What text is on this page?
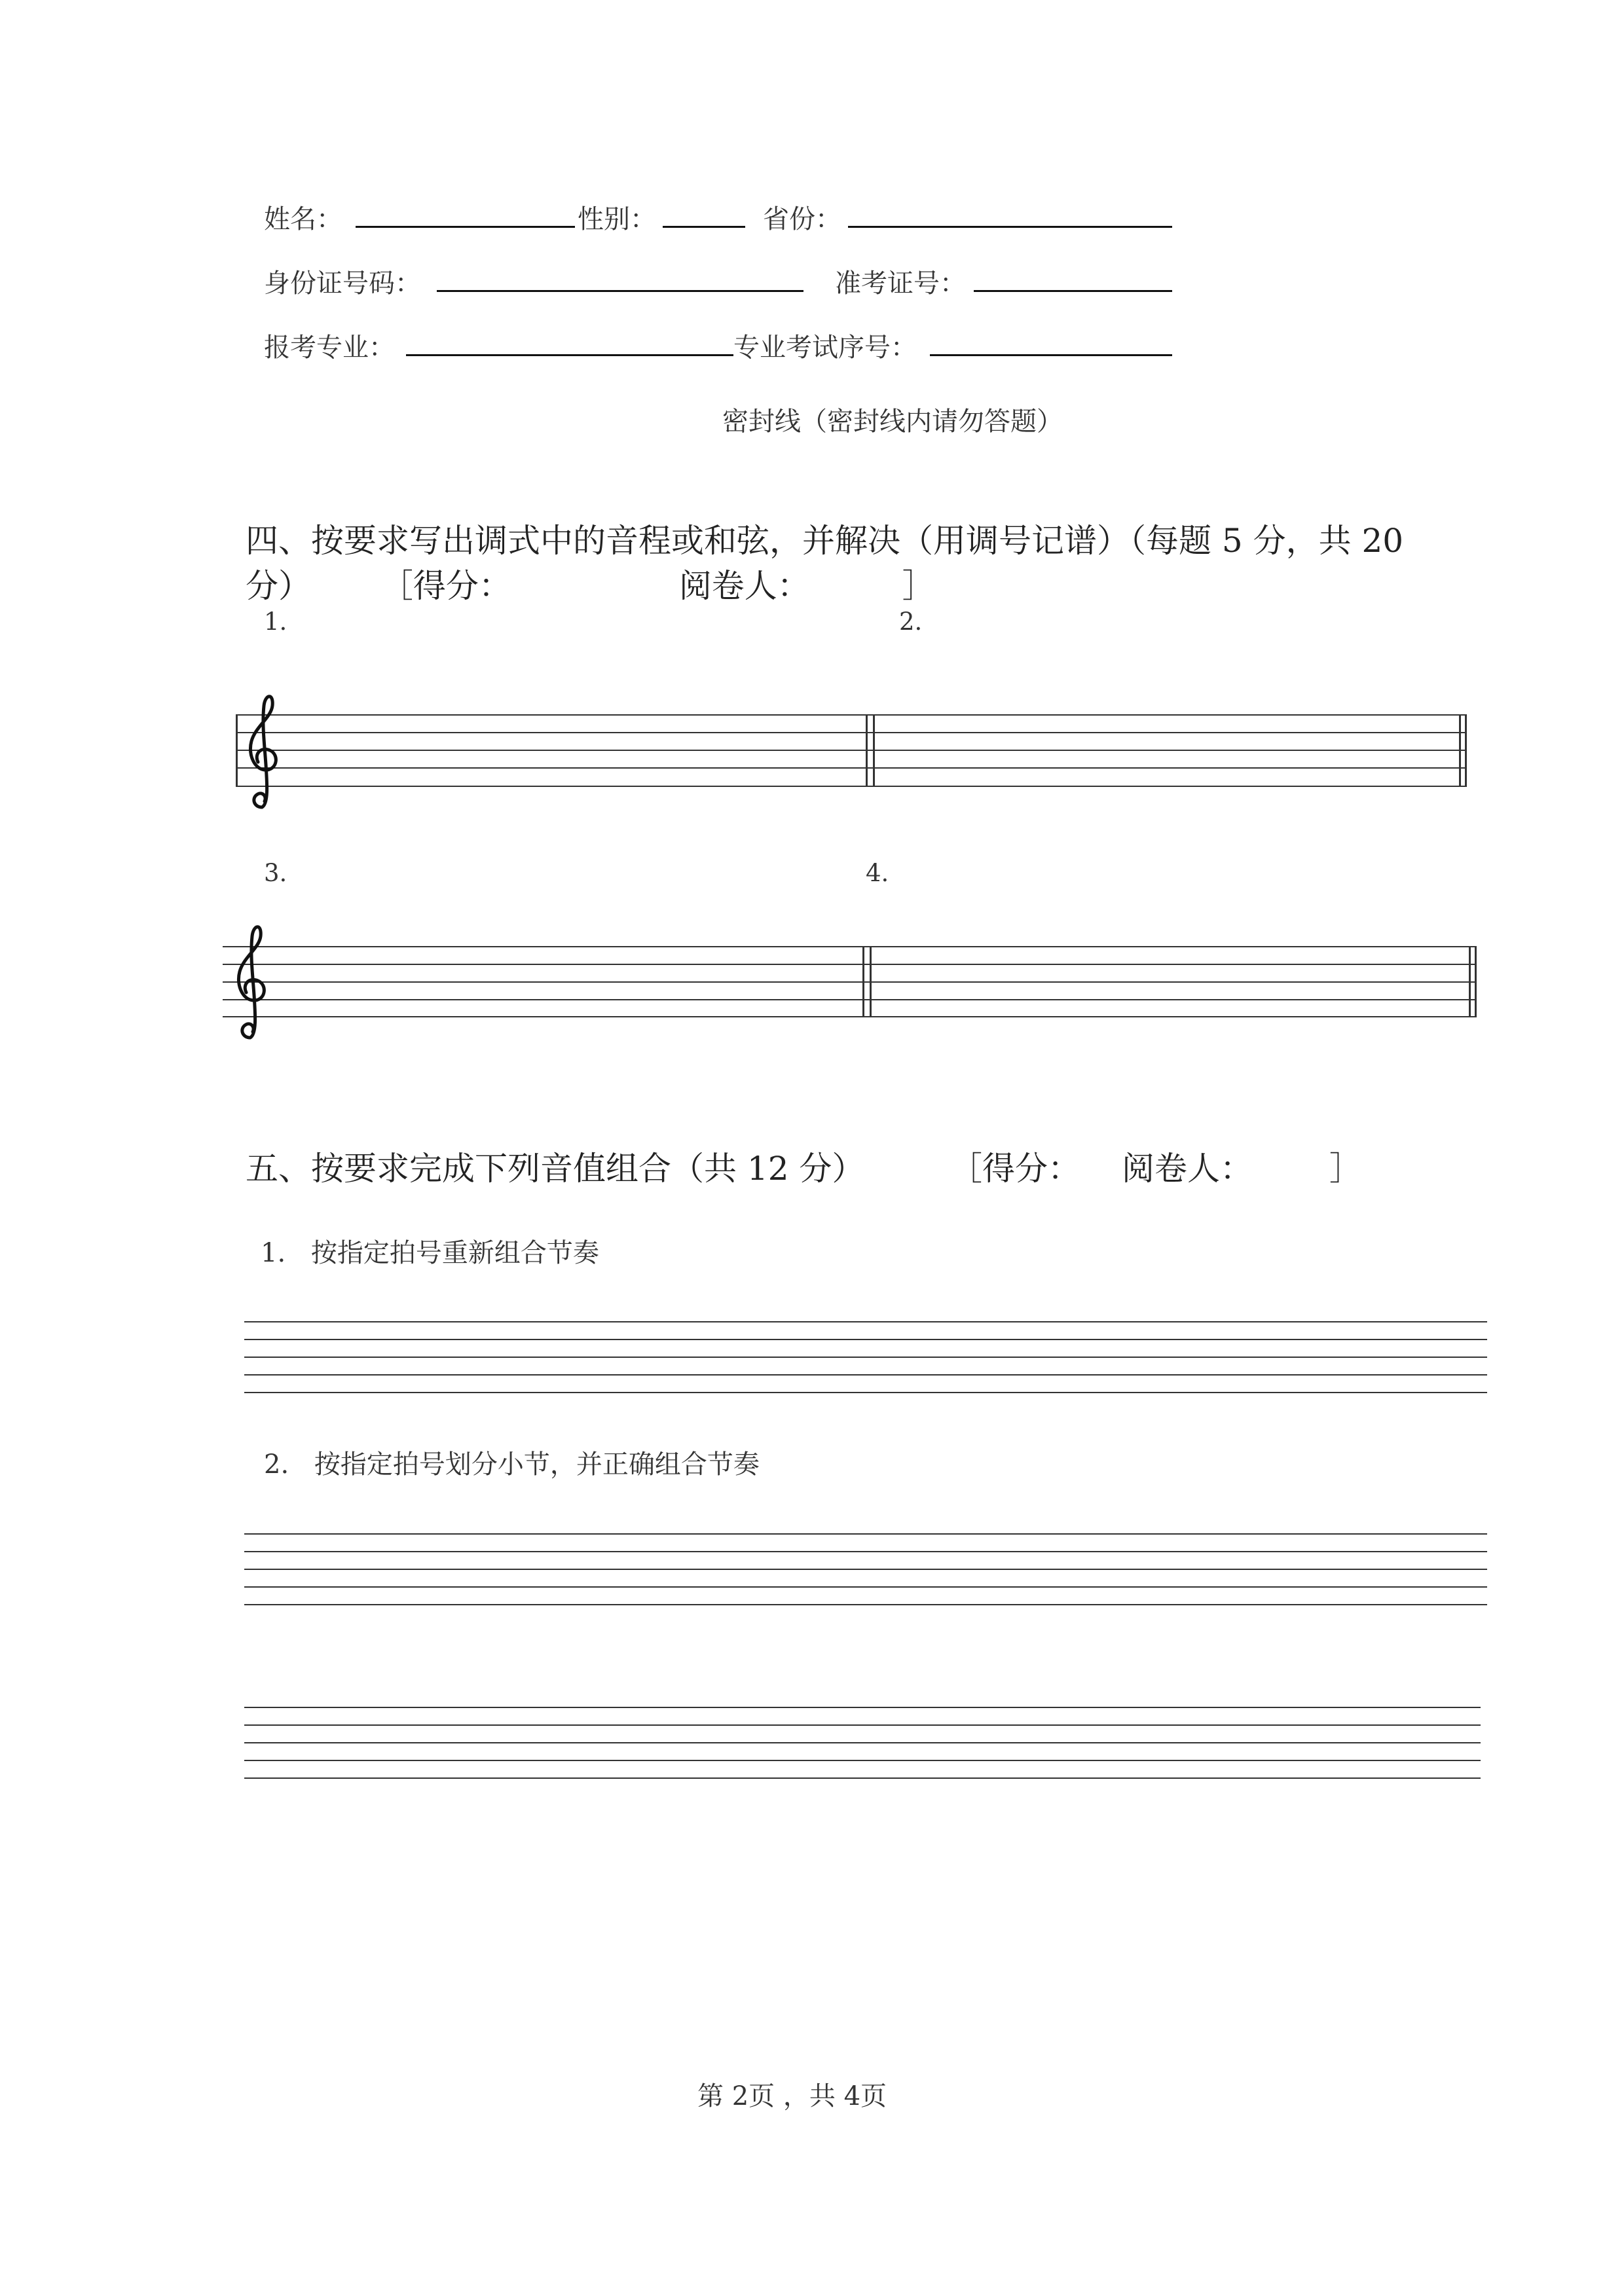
姓名：	性别：	省份：
身份证号码：	准考证号：
报考专业：	专业考试序号：
密封线（密封线内请勿答题）
四、按要求写出调式中的音程或和弦，并解决（用调号记谱）（每题 5 分，共 20
分） ［得分：	阅卷人：	］
1.	2.
3.	4.
五、按要求完成下列音值组合（共 12 分）	［得分： 阅卷人： ］
1. 按指定拍号重新组合节奏
2. 按指定拍号划分小节，并正确组合节奏
第 2页 ，共 4页
